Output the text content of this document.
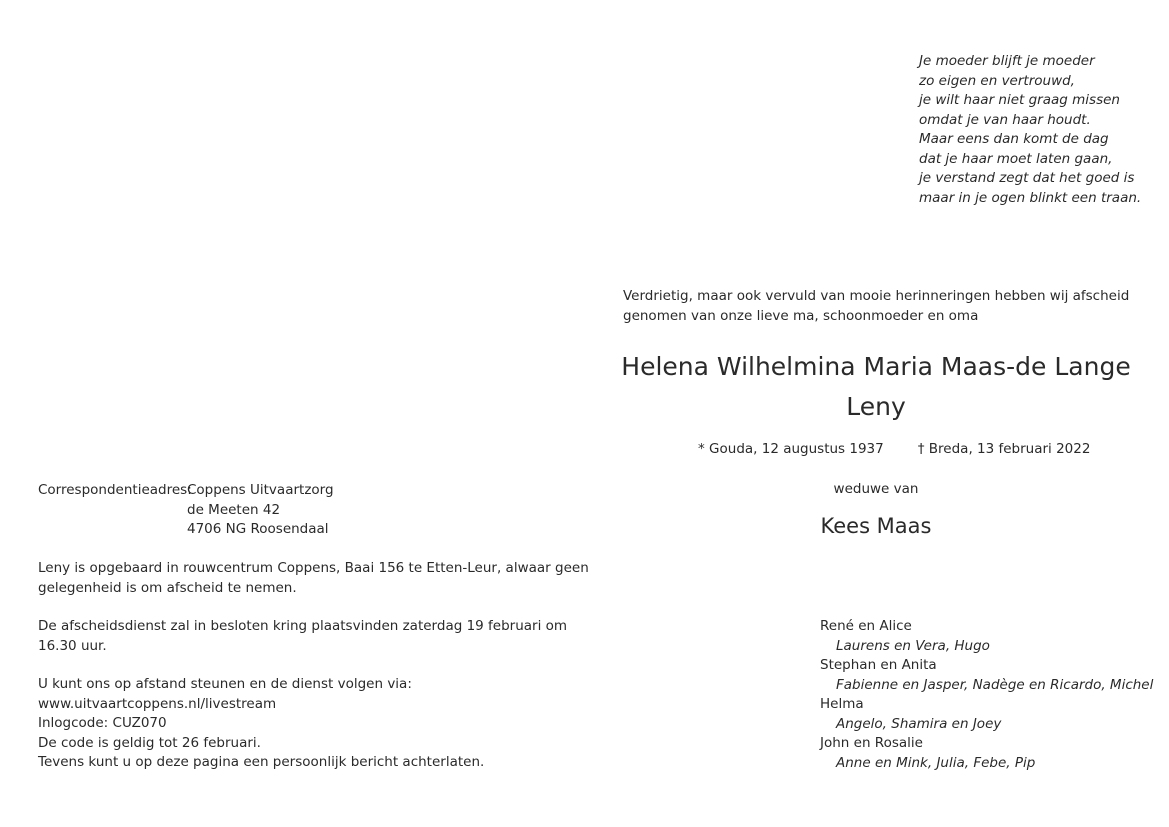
Je moeder blijft je moeder
zo eigen en vertrouwd,
je wilt haar niet graag missen
omdat je van haar houdt.
Maar eens dan komt de dag
dat je haar moet laten gaan,
je verstand zegt dat het goed is
maar in je ogen blinkt een traan.
Verdrietig, maar ook vervuld van mooie herinneringen hebben wij afscheid
genomen van onze lieve ma, schoonmoeder en oma
Helena Wilhelmina Maria Maas-de Lange
Leny
* Gouda, 12 augustus 1937	† Breda, 13 februari 2022
weduwe van
Kees Maas
Correspondentieadres:
Coppens Uitvaartzorg
de Meeten 42
4706 NG Roosendaal
Leny is opgebaard in rouwcentrum Coppens, Baai 156 te Etten-Leur, alwaar geen
gelegenheid is om afscheid te nemen.
De afscheidsdienst zal in besloten kring plaatsvinden zaterdag 19 februari om
16.30 uur.
U kunt ons op afstand steunen en de dienst volgen via:
www.uitvaartcoppens.nl/livestream
Inlogcode: CUZ070
De code is geldig tot 26 februari.
Tevens kunt u op deze pagina een persoonlijk bericht achterlaten.
René en Alice
Laurens en Vera, Hugo
Stephan en Anita
Fabienne en Jasper, Nadège en Ricardo, Michel
Helma
Angelo, Shamira en Joey
John en Rosalie
Anne en Mink, Julia, Febe, Pip
